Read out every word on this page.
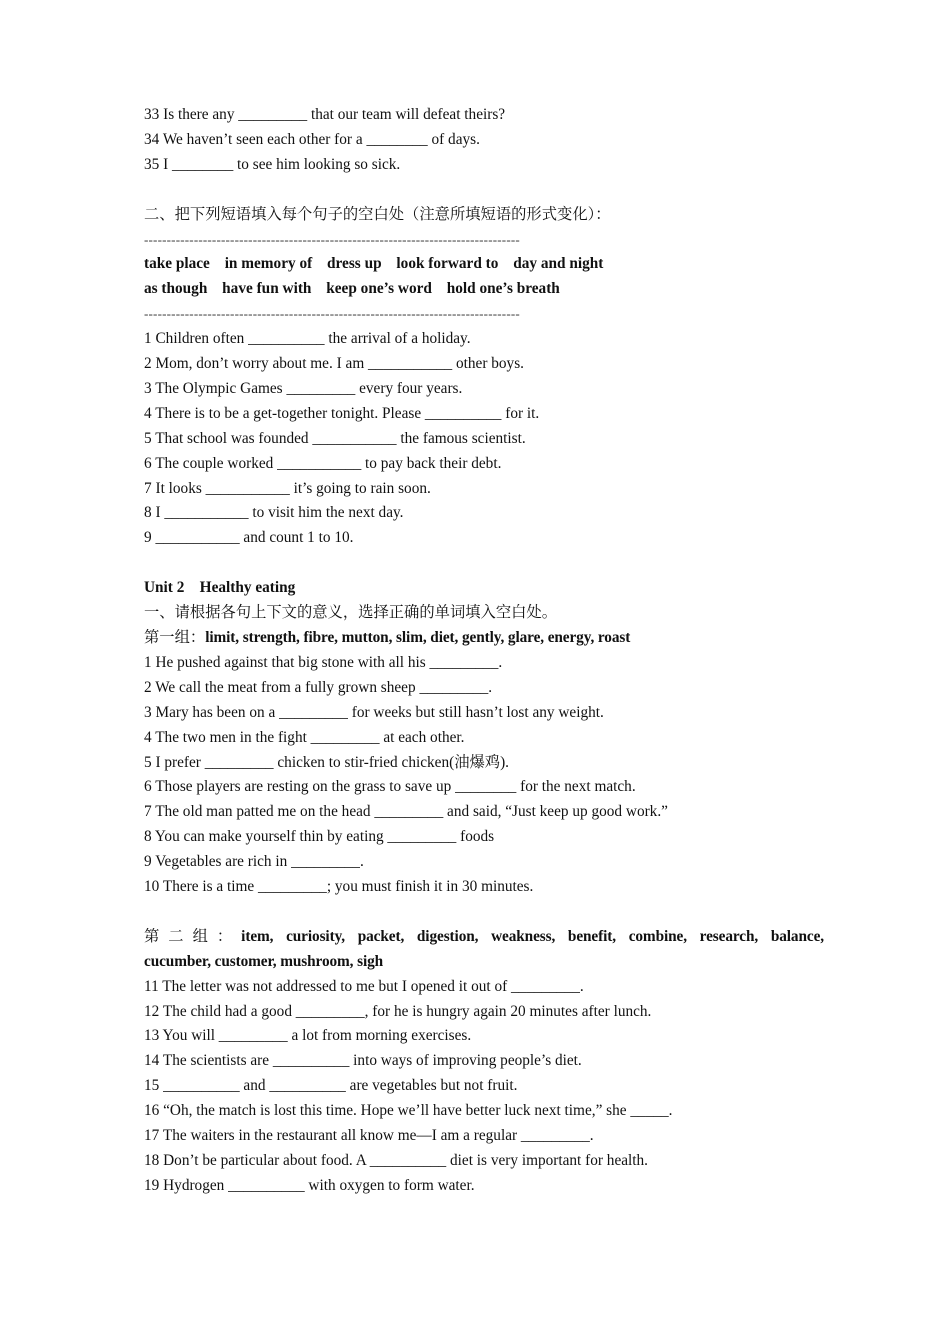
33 Is there any _________ that our team will defeat theirs?
34 We haven’t seen each other for a ________ of days.
35 I ________ to see him looking so sick.
二、把下列短语填入每个句子的空白处（注意所填短语的形式变化）：
-----------------------------------------------------------------------------------
take place in memory of dress up look forward to day and night
as though have fun with keep one’s word hold one’s breath
-----------------------------------------------------------------------------------
1 Children often __________ the arrival of a holiday.
2 Mom, don’t worry about me. I am ___________ other boys.
3 The Olympic Games _________ every four years.
4 There is to be a get-together tonight. Please __________ for it.
5 That school was founded ___________ the famous scientist.
6 The couple worked ___________ to pay back their debt.
7 It looks ___________ it’s going to rain soon.
8 I ___________ to visit him the next day.
9 ___________ and count 1 to 10.
Unit 2　Healthy eating
一、请根据各句上下文的意义，选择正确的单词填入空白处。
第一组：limit, strength, fibre, mutton, slim, diet, gently, glare, energy, roast
1 He pushed against that big stone with all his _________.
2 We call the meat from a fully grown sheep _________.
3 Mary has been on a _________ for weeks but still hasn’t lost any weight.
4 The two men in the fight _________ at each other.
5 I prefer _________ chicken to stir-fried chicken(油爆鸡).
6 Those players are resting on the grass to save up ________ for the next match.
7 The old man patted me on the head _________ and said, “Just keep up good work.”
8 You can make yourself thin by eating _________ foods
9 Vegetables are rich in _________.
10 There is a time _________; you must finish it in 30 minutes.
第二组：item, curiosity, packet, digestion, weakness, benefit, combine, research, balance,
cucumber, customer, mushroom, sigh
11 The letter was not addressed to me but I opened it out of _________.
12 The child had a good _________, for he is hungry again 20 minutes after lunch.
13 You will _________ a lot from morning exercises.
14 The scientists are __________ into ways of improving people’s diet.
15 __________ and __________ are vegetables but not fruit.
16 “Oh, the match is lost this time. Hope we’ll have better luck next time,” she _____.
17 The waiters in the restaurant all know me—I am a regular _________.
18 Don’t be particular about food. A __________ diet is very important for health.
19 Hydrogen __________ with oxygen to form water.
